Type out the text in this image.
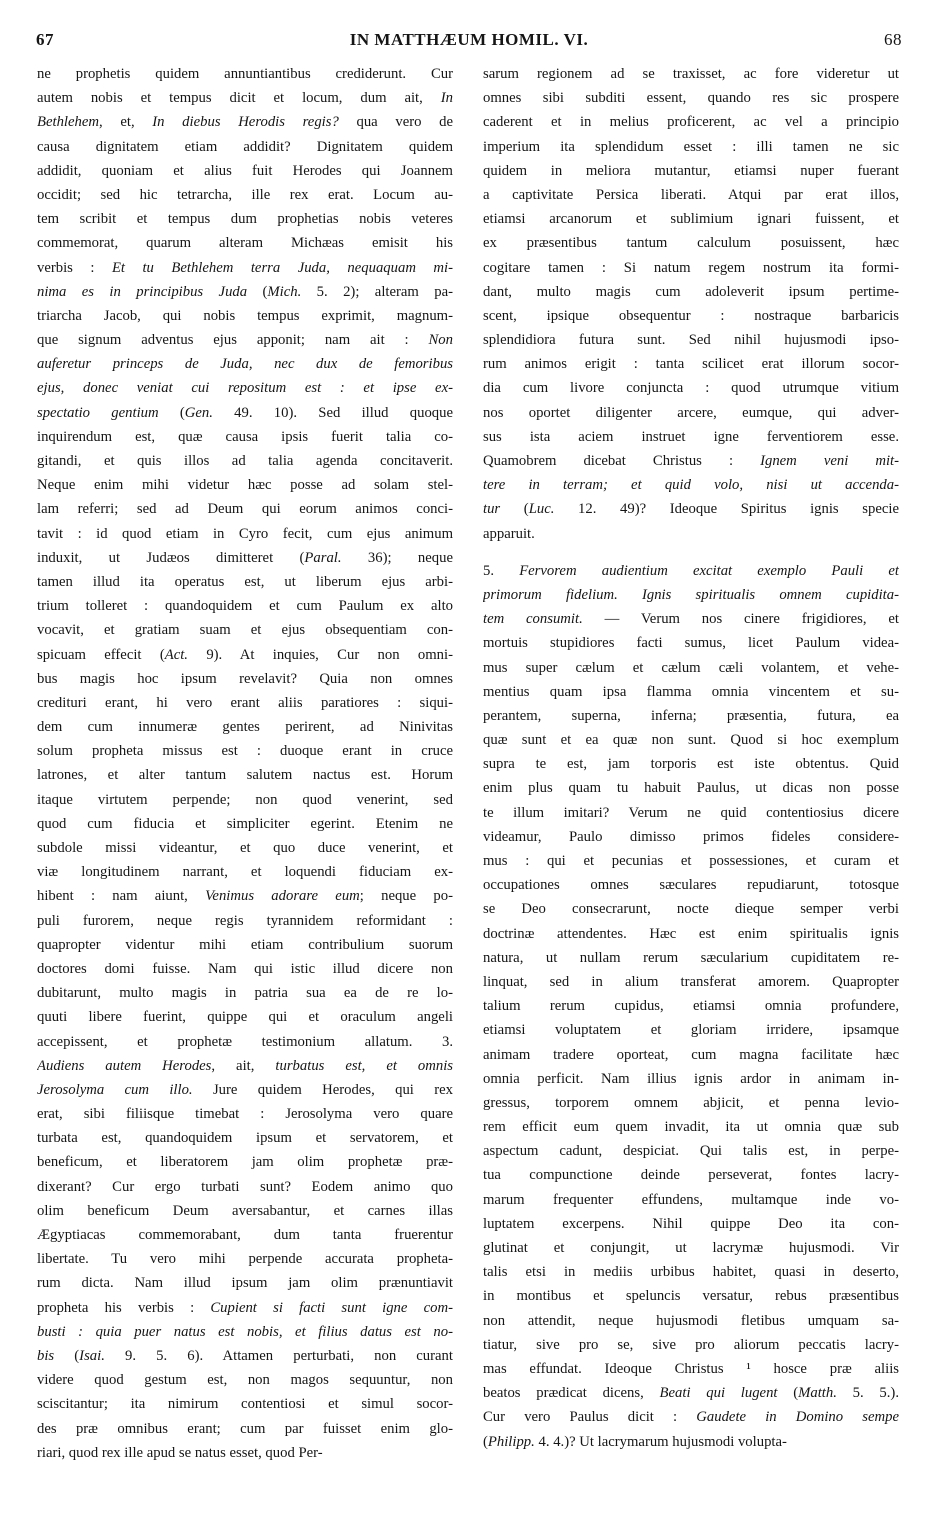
67	IN MATTHÆUM HOMIL. VI.	68
ne prophetis quidem annuntiantibus crediderunt. Cur
autem nobis et tempus dicit et locum, dum ait, In
Bethlehem, et, In diebus Herodis regis? qua vero de
causa dignitatem etiam addidit? Dignitatem quidem
addidit, quoniam et alius fuit Herodes qui Joannem
occidit; sed hic tetrarcha, ille rex erat. Locum au-
tem scribit et tempus dum prophetias nobis veteres
commemorat, quarum alteram Michæas emisit his
verbis : Et tu Bethlehem terra Juda, nequaquam mi-
nima es in principibus Juda (Mich. 5. 2); alteram pa-
triarcha Jacob, qui nobis tempus exprimit, magnum-
que signum adventus ejus apponit; nam ait : Non
auferetur princeps de Juda, nec dux de femoribus
ejus, donec veniat cui repositum est : et ipse ex-
spectatio gentium (Gen. 49. 10). Sed illud quoque
inquirendum est, quæ causa ipsis fuerit talia co-
gitandi, et quis illos ad talia agenda concitaverit.
Neque enim mihi videtur hæc posse ad solam stel-
lam referri; sed ad Deum qui eorum animos conci-
tavit : id quod etiam in Cyro fecit, cum ejus animum
induxit, ut Judæos dimitteret (Paral. 36); neque
tamen illud ita operatus est, ut liberum ejus arbi-
trium tolleret : quandoquidem et cum Paulum ex alto
vocavit, et gratiam suam et ejus obsequentiam con-
spicuam effecit (Act. 9). At inquies, Cur non omni-
bus magis hoc ipsum revelavit? Quia non omnes
credituri erant, hi vero erant aliis paratiores : siqui-
dem cum innumeræ gentes perirent, ad Ninivitas
solum propheta missus est : duoque erant in cruce
latrones, et alter tantum salutem nactus est. Horum
itaque virtutem perpende; non quod venerint, sed
quod cum fiducia et simpliciter egerint. Etenim ne
subdole missi videantur, et quo duce venerint, et
viæ longitudinem narrant, et loquendi fiduciam ex-
hibent : nam aiunt, Venimus adorare eum; neque po-
puli furorem, neque regis tyrannidem reformidant :
quapropter videntur mihi etiam contribulium suorum
doctores domi fuisse. Nam qui istic illud dicere non
dubitarunt, multo magis in patria sua ea de re lo-
quuti libere fuerint, quippe qui et oraculum angeli
accepissent, et prophetæ testimonium allatum. 3.
Audiens autem Herodes, ait, turbatus est, et omnis
Jerosolyma cum illo. Jure quidem Herodes, qui rex
erat, sibi filiisque timebat : Jerosolyma vero quare
turbata est, quandoquidem ipsum et servatorem, et
beneficum, et liberatorem jam olim prophetæ præ-
dixerant? Cur ergo turbati sunt? Eodem animo quo
olim beneficum Deum aversabantur, et carnes illas
Ægyptiacas commemorabant, dum tanta fruerentur
libertate. Tu vero mihi perpende accurata propheta-
rum dicta. Nam illud ipsum jam olim prænuntiavit
propheta his verbis : Cupient si facti sunt igne com-
busti : quia puer natus est nobis, et filius datus est no-
bis (Isai. 9. 5. 6). Attamen perturbati, non curant
videre quod gestum est, non magos sequuntur, non
sciscitantur; ita nimirum contentiosi et simul socor-
des præ omnibus erant; cum par fuisset enim glo-
riari, quod rex ille apud se natus esset, quod Per-
sarum regionem ad se traxisset, ac fore videretur ut
omnes sibi subditi essent, quando res sic prospere
caderent et in melius proficerent, ac vel a principio
imperium ita splendidum esset : illi tamen ne sic
quidem in meliora mutantur, etiamsi nuper fuerant
a captivitate Persica liberati. Atqui par erat illos,
etiamsi arcanorum et sublimium ignari fuissent, et
ex præsentibus tantum calculum posuissent, hæc
cogitare tamen : Si natum regem nostrum ita formi-
dant, multo magis cum adoleverit ipsum pertime-
scent, ipsique obsequentur : nostraque barbaricis
splendidiora futura sunt. Sed nihil hujusmodi ipso-
rum animos erigit : tanta scilicet erat illorum socor-
dia cum livore conjuncta : quod utrumque vitium
nos oportet diligenter arcere, eumque, qui adver-
sus ista aciem instruet igne ferventiorem esse.
Quamobrem dicebat Christus : Ignem veni mit-
tere in terram; et quid volo, nisi ut accenda-
tur (Luc. 12. 49)? Ideoque Spiritus ignis specie
apparuit.
5. Fervorem audientium excitat exemplo Pauli et
primorum fidelium. Ignis spiritualis omnem cupidita-
tem consumit. — Verum nos cinere frigidiores, et
mortuis stupidiores facti sumus, licet Paulum videa-
mus super cælum et cælum cæli volantem, et vehe-
mentius quam ipsa flamma omnia vincentem et su-
perantem, superna, inferna; præsentia, futura, ea
quæ sunt et ea quæ non sunt. Quod si hoc exemplum
supra te est, jam torporis est iste obtentus. Quid
enim plus quam tu habuit Paulus, ut dicas non posse
te illum imitari? Verum ne quid contentiosius dicere
videamur, Paulo dimisso primos fideles considere-
mus : qui et pecunias et possessiones, et curam et
occupationes omnes sæculares repudiarunt, totosque
se Deo consecrarunt, nocte dieque semper verbi
doctrinæ attendentes. Hæc est enim spiritualis ignis
natura, ut nullam rerum sæcularium cupiditatem re-
linquat, sed in alium transferat amorem. Quapropter
talium rerum cupidus, etiamsi omnia profundere,
etiamsi voluptatem et gloriam irridere, ipsamque
animam tradere oporteat, cum magna facilitate hæc
omnia perficit. Nam illius ignis ardor in animam in-
gressus, torporem omnem abjicit, et penna levio-
rem efficit eum quem invadit, ita ut omnia quæ sub
aspectum cadunt, despiciat. Qui talis est, in perpe-
tua compunctione deinde perseverat, fontes lacry-
marum frequenter effundens, multamque inde vo-
luptatem excerpens. Nihil quippe Deo ita con-
glutinat et conjungit, ut lacrymæ hujusmodi. Vir
talis etsi in mediis urbibus habitet, quasi in deserto,
in montibus et speluncis versatur, rebus præsentibus
non attendit, neque hujusmodi fletibus umquam sa-
tiatur, sive pro se, sive pro aliorum peccatis lacry-
mas effundat. Ideoque Christus ¹ hosce præ aliis
beatos prædicat dicens, Beati qui lugent (Matth. 5. 5.).
Cur vero Paulus dicit : Gaudete in Domino sempe
(Philipp. 4. 4.)? Ut lacrymarum hujusmodi volupta-
